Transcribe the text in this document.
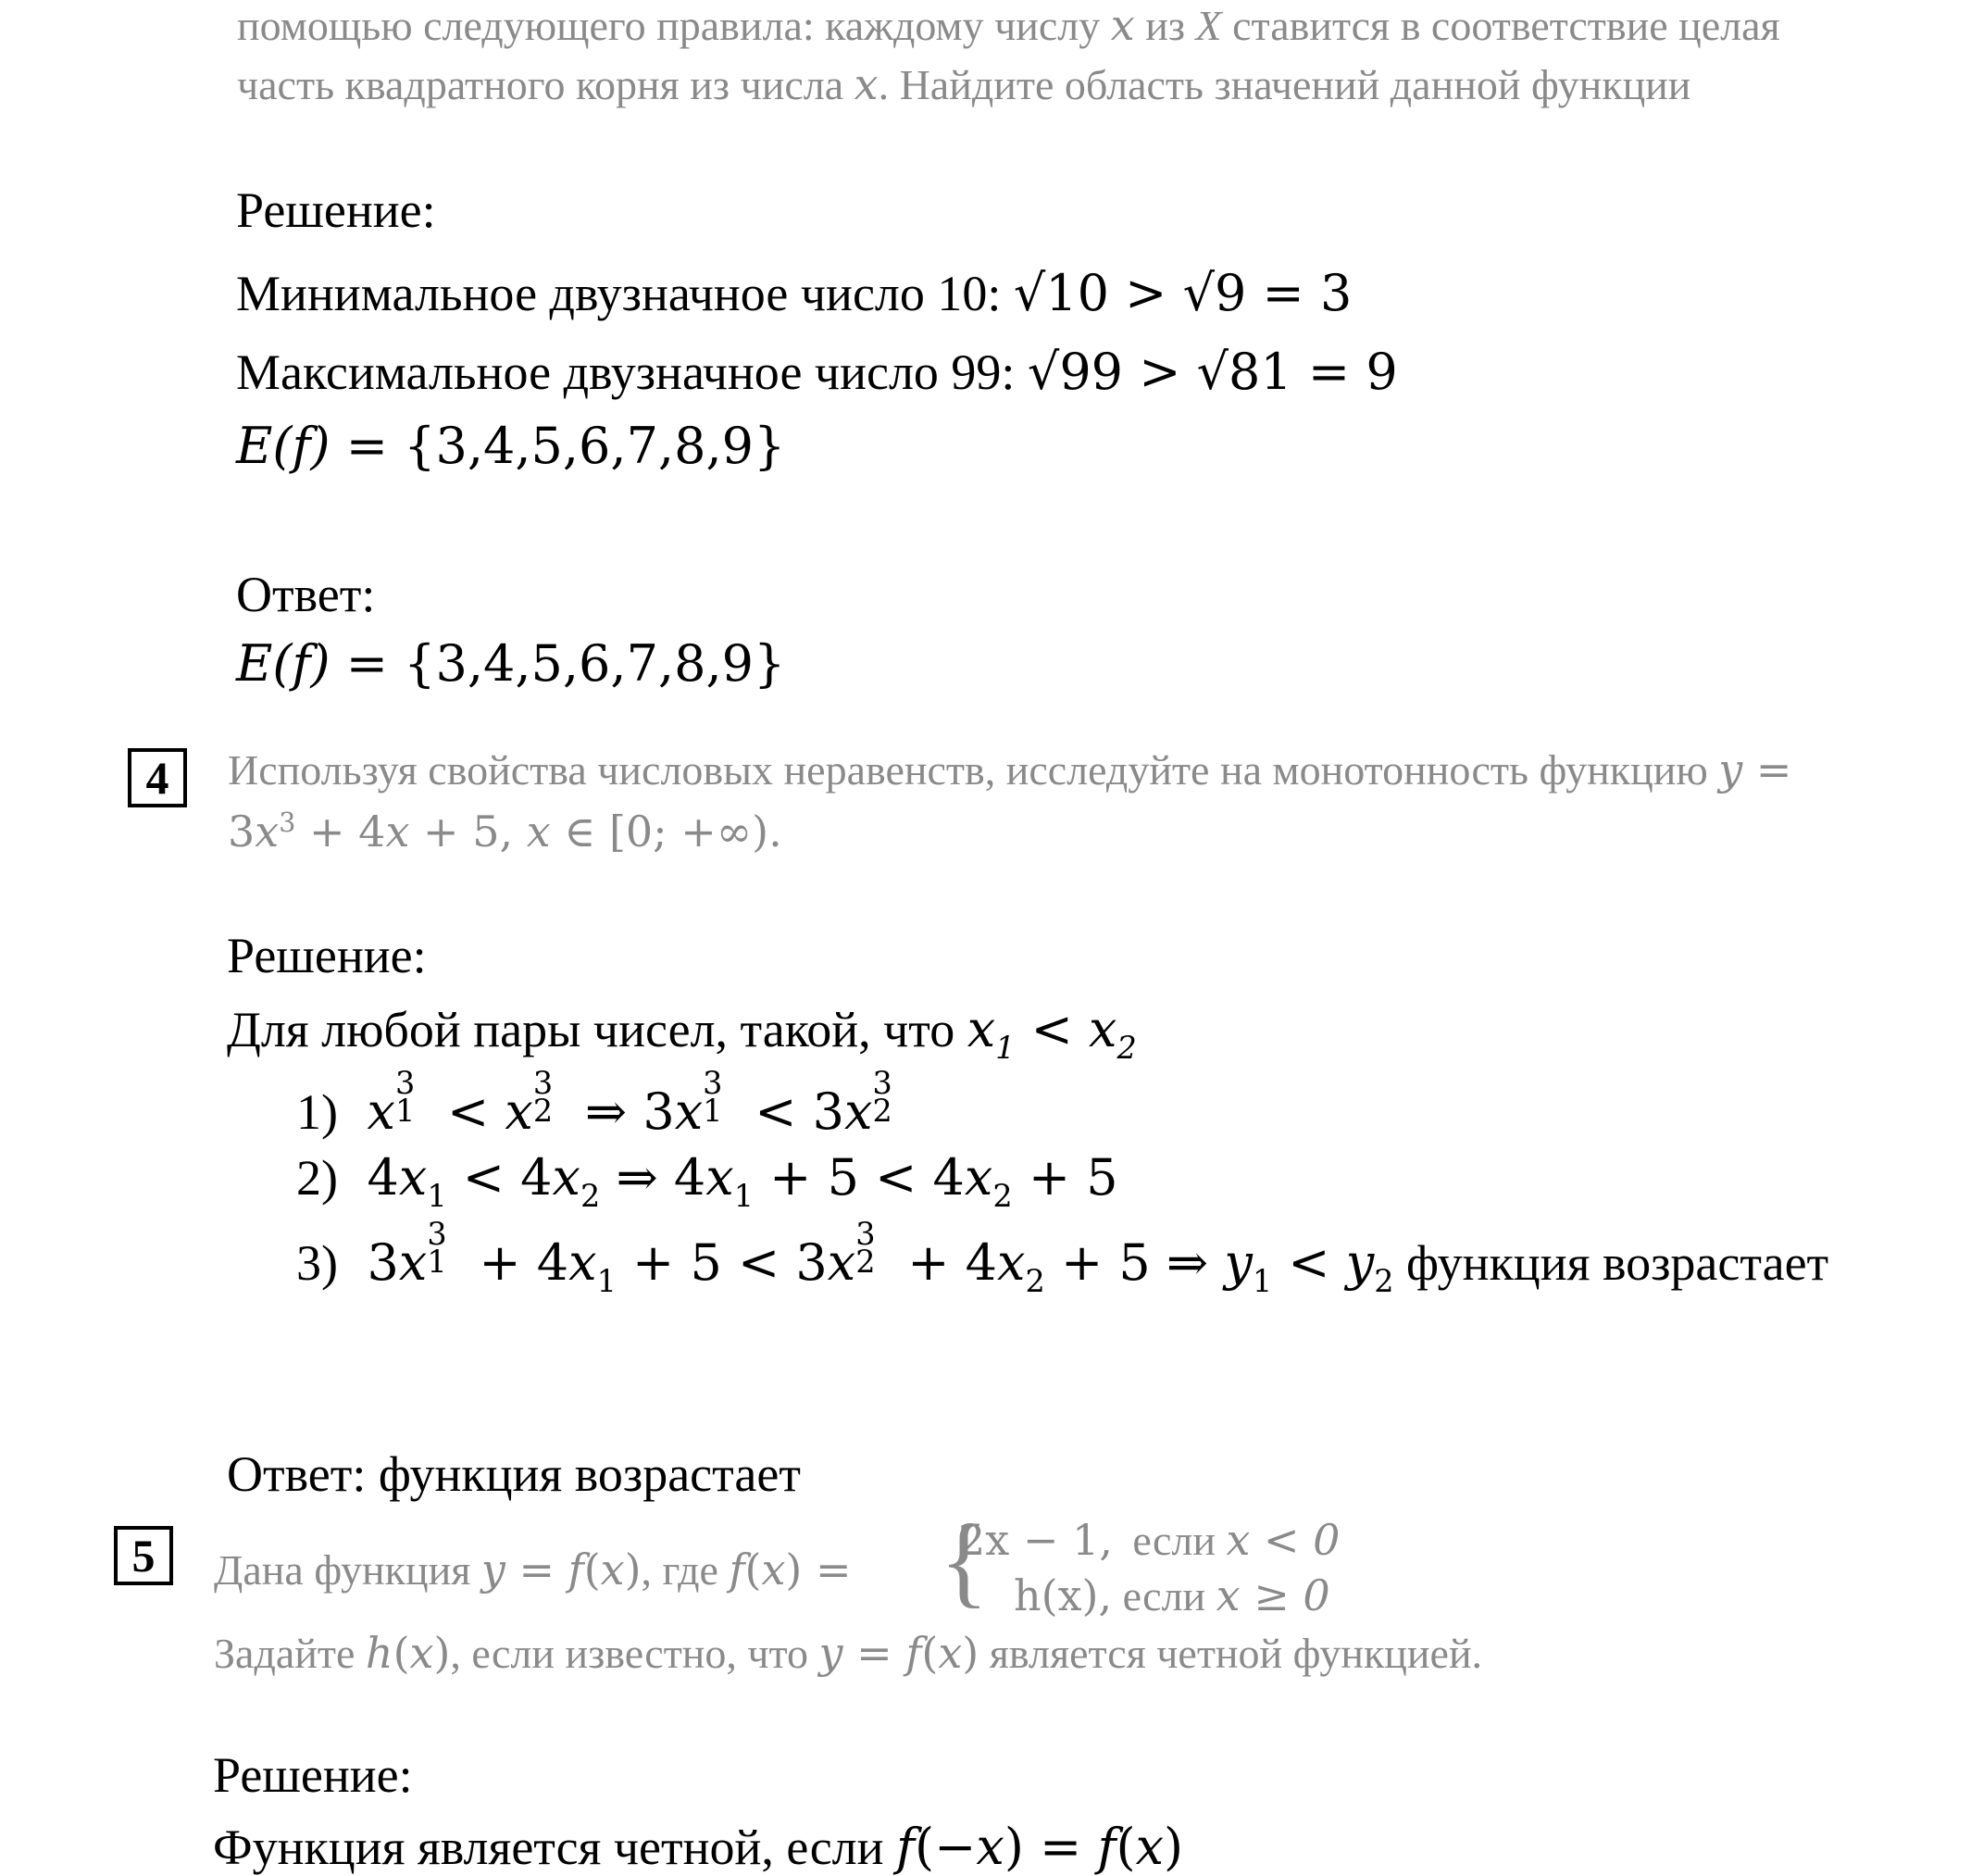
помощью следующего правила: каждому числу x из X ставится в соответствие целая
часть квадратного корня из числа x. Найдите область значений данной функции
Решение:
Минимальное двузначное число 10: √10 > √9 = 3
Максимальное двузначное число 99: √99 > √81 = 9
E(f) = {3,4,5,6,7,8,9}
Ответ:
E(f) = {3,4,5,6,7,8,9}
4	Используя свойства числовых неравенств, исследуйте на монотонность функцию y =
$3x^3 + 4x + 5$, x ∈ [0; +∞).
Решение:
Для любой пары чисел, такой, что $x_1 < x_2$
1) x 3
1 < x 3
2 ⇒ 3x 3
1 < 3x 3
2
2) $4x_1 < 4x_2$ ⇒ $4x_1 + 5 < 4x_2 + 5$
3) 3x 3
$1 + 4x_1 + 5 < 3x$ 3
$2 + 4x_2 + 5$ ⇒ $y_1 < y_2$ функция возрастает
Ответ: функция возрастает
5	Дана функция y = f(x), где f(x) = {
2x − 1, если x < 0
h(x), если x ≥ 0
Задайте h(x), если известно, что y = f(x) является четной функцией.
Решение:
Функция является четной, если f(−x) = f(x)
